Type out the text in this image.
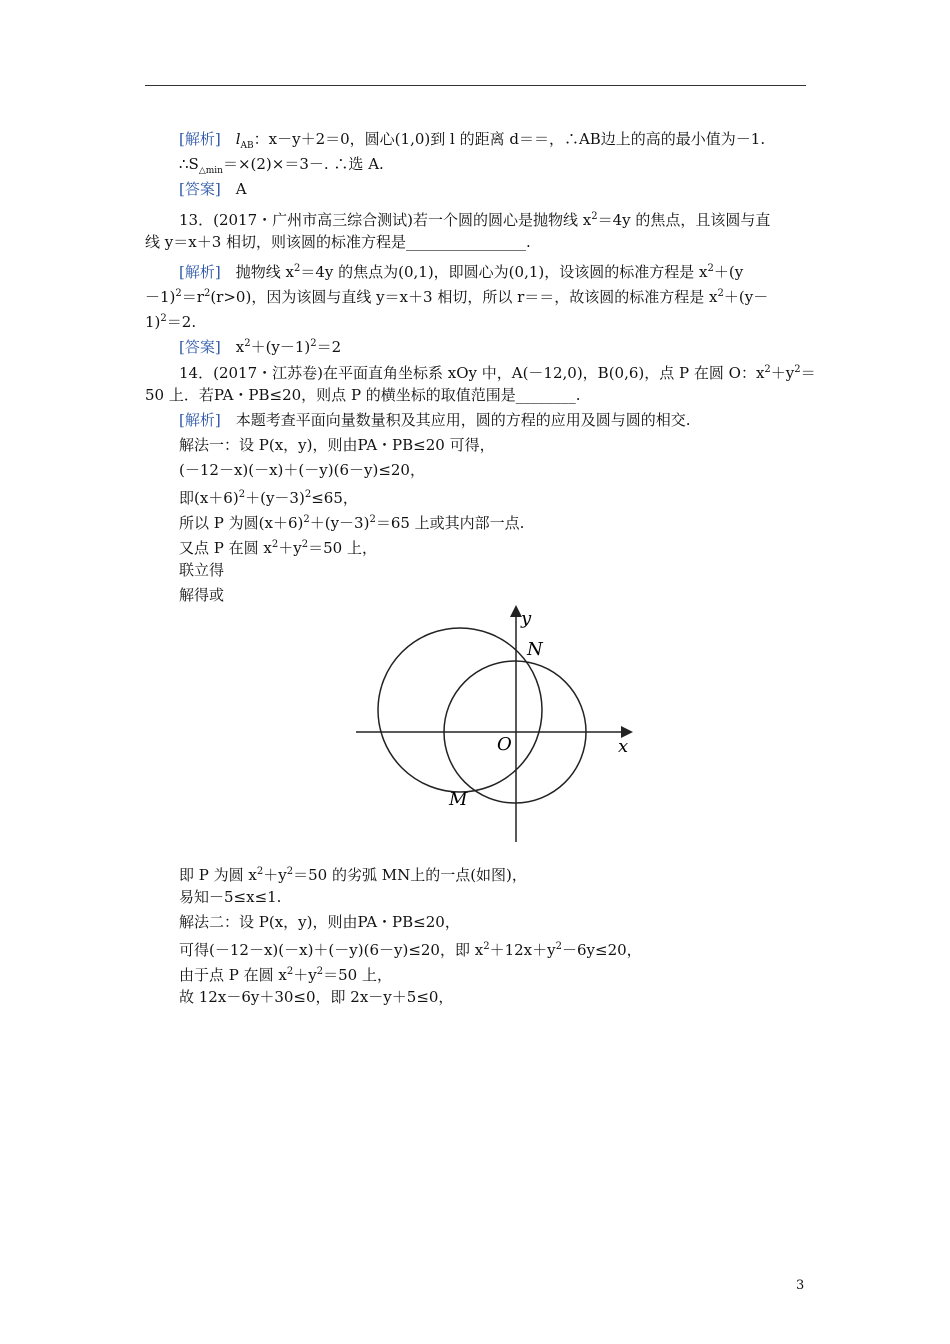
[解析]　$l_{AB}$：x－y＋2＝0，圆心(1,0)到 l 的距离 d＝＝，∴AB边上的高的最小值为－1.
$\therefore S_{\triangle min}=\times(2)\times=3-$. ∴选 A.
[答案]　A
13．(2017・广州市高三综合测试)若一个圆的圆心是抛物线 $x^2=4y$ 的焦点，且该圆与直
线 y＝x＋3 相切，则该圆的标准方程是________________.
[解析]　抛物线 $x^2=4y$ 的焦点为(0,1)，即圆心为(0,1)，设该圆的标准方程是 $x^2+(y$
$-1)^2=r^2(r>0)$，因为该圆与直线 y＝x＋3 相切，所以 r＝＝，故该圆的标准方程是 $x^2+(y-$
1)$^2$＝2.
[答案]　$x^2+(y-1)^2=2$
14．(2017・江苏卷)在平面直角坐标系 xOy 中，A(－12,0)，B(0,6)，点 P 在圆 O：$x^2+y^2=$
50 上．若PA・PB≤20，则点 P 的横坐标的取值范围是________.
[解析]　本题考查平面向量数量积及其应用，圆的方程的应用及圆与圆的相交.
解法一：设 P(x，y)，则由PA・PB≤20 可得，
(－12－x)(－x)＋(－y)(6－y)≤20，
即$(x+6)^2+(y-3)^2\le 65$，
所以 P 为圆$(x+6)^2+(y-3)^2=65$ 上或其内部一点.
又点 P 在圆 $x^2+y^2=50$ 上，
联立得
解得或
即 P 为圆 $x^2+y^2=50$ 的劣弧 MN上的一点(如图)，
易知－5≤x≤1.
解法二：设 P(x，y)，则由PA・PB≤20，
可得(－12－x)(－x)＋(－y)(6－y)≤20，即 $x^2+12x+y^2-6y\le 20$，
由于点 P 在圆 $x^2+y^2=50$ 上，
故 12x－6y＋30≤0，即 2x－y＋5≤0，
y
N
O	x
M
3
